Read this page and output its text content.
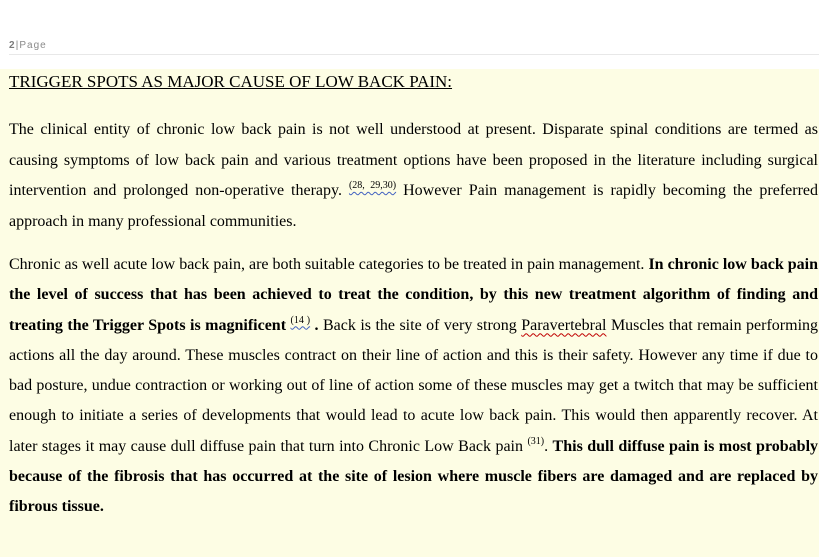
2|Page
TRIGGER SPOTS AS MAJOR CAUSE OF LOW BACK PAIN:

The clinical entity of chronic low back pain is not well understood at present. Disparate spinal conditions are termed as causing symptoms of low back pain and various treatment options have been proposed in the literature including surgical intervention and prolonged non-operative therapy. $^{(28, 29,30)}$ However Pain management is rapidly becoming the preferred approach in many professional communities.

Chronic as well acute low back pain, are both suitable categories to be treated in pain management. In chronic low back pain the level of success that has been achieved to treat the condition, by this new treatment algorithm of finding and treating the Trigger Spots is magnificent $^{(14 )}$ . Back is the site of very strong Paravertebral Muscles that remain performing actions all the day around. These muscles contract on their line of action and this is their safety. However any time if due to bad posture, undue contraction or working out of line of action some of these muscles may get a twitch that may be sufficient enough to initiate a series of developments that would lead to acute low back pain. This would then apparently recover. At later stages it may cause dull diffuse pain that turn into Chronic Low Back pain $^{(31)}$. This dull diffuse pain is most probably because of the fibrosis that has occurred at the site of lesion where muscle fibers are damaged and are replaced by fibrous tissue.
